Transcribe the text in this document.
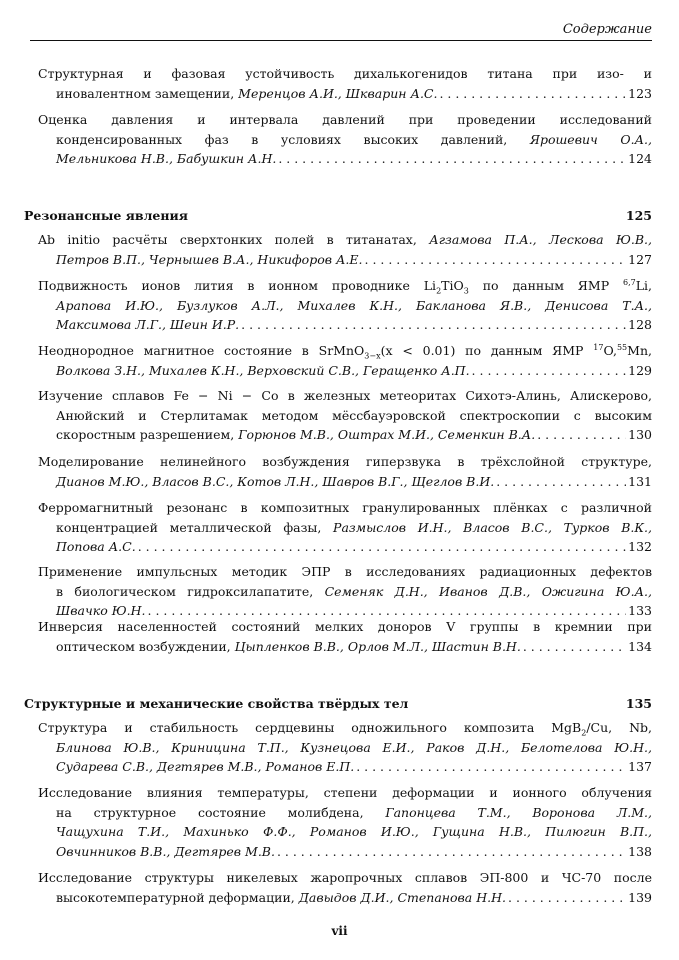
Содержание
Структурная и фазовая устойчивость дихалькогенидов титана при изо- и
иновалентном замещении, Меренцов А.И., Шкварин А.С. . . .	123
Оценка давления и интервала давлений при проведении исследований
конденсированных фаз в условиях высоких давлений, Ярошевич О.А.,
Мельникова Н.В., Бабушкин А.Н. . . .	124
Резонансные явления	125
Ab initio расчёты сверхтонких полей в титанатах, Агзамова П.А., Лескова Ю.В.,
Петров В.П., Чернышев В.А., Никифоров А.Е. . . .	127
Подвижность ионов лития в ионном проводнике $Li_2TiO_3$ по данным ЯМР $^{6,7}$Li,
Арапова И.Ю., Бузлуков А.Л., Михалев К.Н., Бакланова Я.В., Денисова Т.А.,
Максимова Л.Г., Шеин И.Р. . . .	128
Неоднородное магнитное состояние в SrMnO$_{3-x}$(x < 0.01) по данным ЯМР $^{17}$O,$^{55}$Mn,
Волкова З.Н., Михалев К.Н., Верховский С.В., Геращенко А.П. . . .	129
Изучение сплавов Fe − Ni − Co в железных метеоритах Сихотэ-Алинь, Алискерово,
Анюйский и Стерлитамак методом мёссбауэровской спектроскопии с высоким
скоростным разрешением, Горюнов М.В., Оштрах М.И., Семенкин В.А. . . .	130
Моделирование нелинейного возбуждения гиперзвука в трёхслойной структуре,
Дианов М.Ю., Власов В.С., Котов Л.Н., Шавров В.Г., Щеглов В.И. . . .	131
Ферромагнитный резонанс в композитных гранулированных плёнках с различной
концентрацией металлической фазы, Размыслов И.Н., Власов В.С., Турков В.К.,
Попова А.С. . . .	132
Применение импульсных методик ЭПР в исследованиях радиационных дефектов
в биологическом гидроксилапатите, Семеняк Д.Н., Иванов Д.В., Ожигина Ю.А.,
Швачко Ю.Н. . . .	133
Инверсия населенностей состояний мелких доноров V группы в кремнии при
оптическом возбуждении, Цыпленков В.В., Орлов М.Л., Шастин В.Н. . . .	134
Структурные и механические свойства твёрдых тел	135
Структура и стабильность сердцевины одножильного композита MgB$_2$/Cu, Nb,
Блинова Ю.В., Криницина Т.П., Кузнецова Е.И., Раков Д.Н., Белотелова Ю.Н.,
Сударева С.В., Дегтярев М.В., Романов Е.П. . . .	137
Исследование влияния температуры, степени деформации и ионного облучения
на структурное состояние молибдена, Гапонцева Т.М., Воронова Л.М.,
Чащухина Т.И., Махинько Ф.Ф., Романов И.Ю., Гущина Н.В., Пилюгин В.П.,
Овчинников В.В., Дегтярев М.В. . . .	138
Исследование структуры никелевых жаропрочных сплавов ЭП-800 и ЧС-70 после
высокотемпературной деформации, Давыдов Д.И., Степанова Н.Н. . . .	139
vii
